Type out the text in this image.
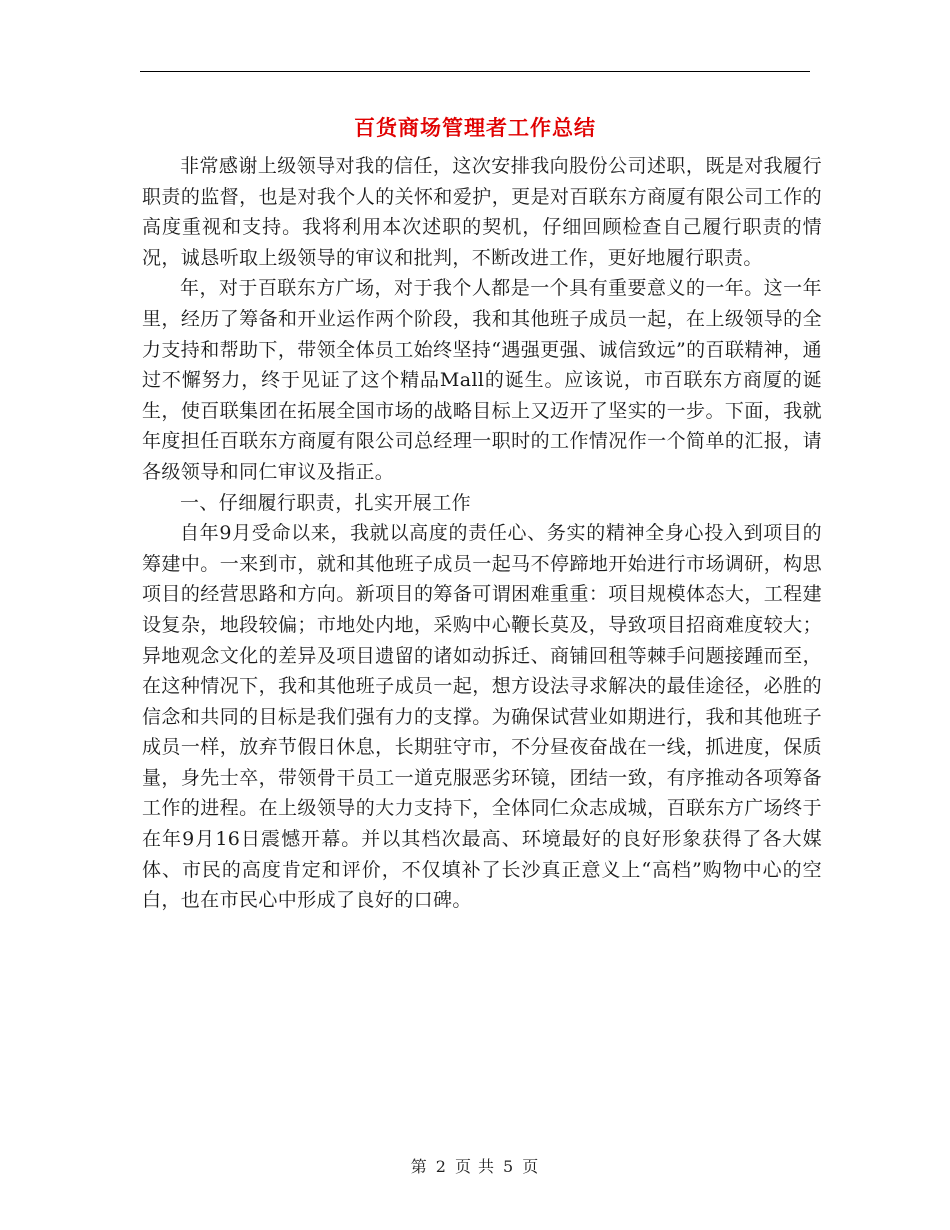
百货商场管理者工作总结

非常感谢上级领导对我的信任，这次安排我向股份公司述职，既是对我履行职责的监督，也是对我个人的关怀和爱护，更是对百联东方商厦有限公司工作的高度重视和支持。我将利用本次述职的契机，仔细回顾检查自己履行职责的情况，诚恳听取上级领导的审议和批判，不断改进工作，更好地履行职责。

年，对于百联东方广场，对于我个人都是一个具有重要意义的一年。这一年里，经历了筹备和开业运作两个阶段，我和其他班子成员一起，在上级领导的全力支持和帮助下，带领全体员工始终坚持“遇强更强、诚信致远”的百联精神，通过不懈努力，终于见证了这个精品Mall的诞生。应该说，市百联东方商厦的诞生，使百联集团在拓展全国市场的战略目标上又迈开了坚实的一步。下面，我就年度担任百联东方商厦有限公司总经理一职时的工作情况作一个简单的汇报，请各级领导和同仁审议及指正。

一、仔细履行职责，扎实开展工作

自年9月受命以来，我就以高度的责任心、务实的精神全身心投入到项目的筹建中。一来到市，就和其他班子成员一起马不停蹄地开始进行市场调研，构思项目的经营思路和方向。新项目的筹备可谓困难重重：项目规模体态大，工程建设复杂，地段较偏；市地处内地，采购中心鞭长莫及，导致项目招商难度较大；异地观念文化的差异及项目遗留的诸如动拆迁、商铺回租等棘手问题接踵而至，在这种情况下，我和其他班子成员一起，想方设法寻求解决的最佳途径，必胜的信念和共同的目标是我们强有力的支撑。为确保试营业如期进行，我和其他班子成员一样，放弃节假日休息，长期驻守市，不分昼夜奋战在一线，抓进度，保质量，身先士卒，带领骨干员工一道克服恶劣环镜，团结一致，有序推动各项筹备工作的进程。在上级领导的大力支持下，全体同仁众志成城，百联东方广场终于在年9月16日震憾开幕。并以其档次最高、环境最好的良好形象获得了各大媒体、市民的高度肯定和评价，不仅填补了长沙真正意义上“高档”购物中心的空白，也在市民心中形成了良好的口碑。

第 2 页 共 5 页
